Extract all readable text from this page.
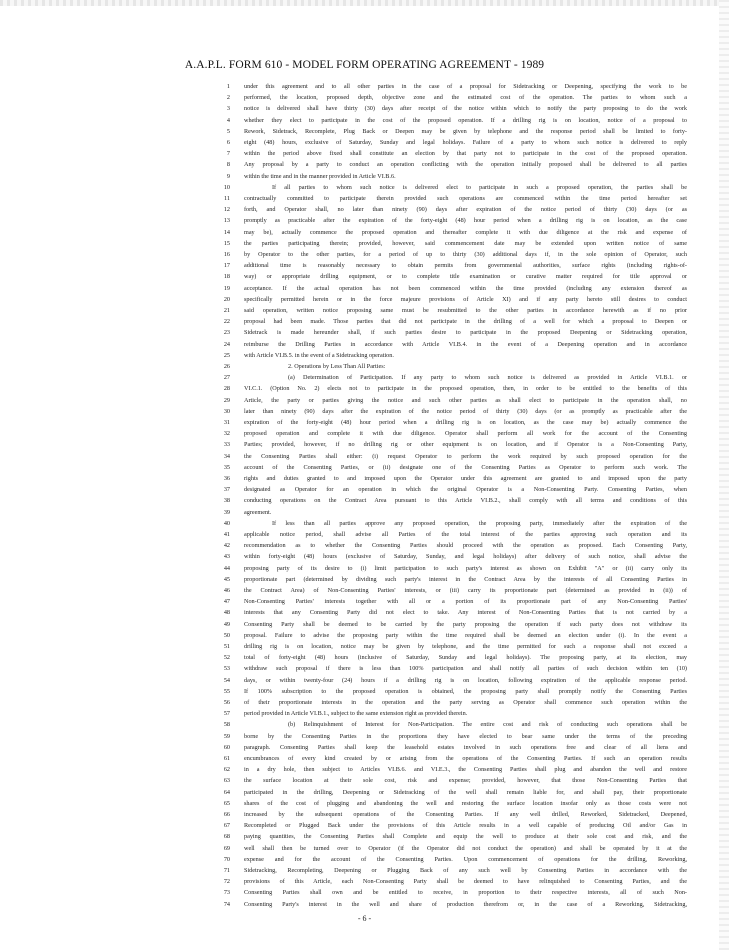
A.A.P.L. FORM 610 - MODEL FORM OPERATING AGREEMENT - 1989
1 under this agreement and to all other parties in the case of a proposal for Sidetracking or Deepening, specifying the work to be
2 performed, the location, proposed depth, objective zone and the estimated cost of the operation. The parties to whom such a
3 notice is delivered shall have thirty (30) days after receipt of the notice within which to notify the party proposing to do the work
4 whether they elect to participate in the cost of the proposed operation. If a drilling rig is on location, notice of a proposal to
5 Rework, Sidetrack, Recomplete, Plug Back or Deepen may be given by telephone and the response period shall be limited to forty-
6 eight (48) hours, exclusive of Saturday, Sunday and legal holidays. Failure of a party to whom such notice is delivered to reply
7 within the period above fixed shall constitute an election by that party not to participate in the cost of the proposed operation.
8 Any proposal by a party to conduct an operation conflicting with the operation initially proposed shall be delivered to all parties
9 within the time and in the manner provided in Article VI.B.6.
10	If all parties to whom such notice is delivered elect to participate in such a proposed operation, the parties shall be
11 contractually committed to participate therein provided such operations are commenced within the time period hereafter set
12 forth, and Operator shall, no later than ninety (90) days after expiration of the notice period of thirty (30) days (or as
13 promptly as practicable after the expiration of the forty-eight (48) hour period when a drilling rig is on location, as the case
14 may be), actually commence the proposed operation and thereafter complete it with due diligence at the risk and expense of
15 the parties participating therein; provided, however, said commencement date may be extended upon written notice of same
16 by Operator to the other parties, for a period of up to thirty (30) additional days if, in the sole opinion of Operator, such
17 additional time is reasonably necessary to obtain permits from governmental authorities, surface rights (including rights-of-
18 way) or appropriate drilling equipment, or to complete title examination or curative matter required for title approval or
19 acceptance. If the actual operation has not been commenced within the time provided (including any extension thereof as
20 specifically permitted herein or in the force majeure provisions of Article XI) and if any party hereto still desires to conduct
21 said operation, written notice proposing same must be resubmitted to the other parties in accordance herewith as if no prior
22 proposal had been made. Those parties that did not participate in the drilling of a well for which a proposal to Deepen or
23 Sidetrack is made hereunder shall, if such parties desire to participate in the proposed Deepening or Sidetracking operation,
24 reimburse the Drilling Parties in accordance with Article VI.B.4. in the event of a Deepening operation and in accordance
25 with Article VI.B.5. in the event of a Sidetracking operation.
26	2. Operations by Less Than All Parties:
27	(a) Determination of Participation. If any party to whom such notice is delivered as provided in Article VI.B.1. or
28 VI.C.1. (Option No. 2) elects not to participate in the proposed operation, then, in order to be entitled to the benefits of this
29 Article, the party or parties giving the notice and such other parties as shall elect to participate in the operation shall, no
30 later than ninety (90) days after the expiration of the notice period of thirty (30) days (or as promptly as practicable after the
31 expiration of the forty-eight (48) hour period when a drilling rig is on location, as the case may be) actually commence the
32 proposed operation and complete it with due diligence. Operator shall perform all work for the account of the Consenting
33 Parties; provided, however, if no drilling rig or other equipment is on location, and if Operator is a Non-Consenting Party,
34 the Consenting Parties shall either: (i) request Operator to perform the work required by such proposed operation for the
35 account of the Consenting Parties, or (ii) designate one of the Consenting Parties as Operator to perform such work. The
36 rights and duties granted to and imposed upon the Operator under this agreement are granted to and imposed upon the party
37 designated as Operator for an operation in which the original Operator is a Non-Consenting Party. Consenting Parties, when
38 conducting operations on the Contract Area pursuant to this Article VI.B.2., shall comply with all terms and conditions of this
39 agreement.
40	If less than all parties approve any proposed operation, the proposing party, immediately after the expiration of the
41 applicable notice period, shall advise all Parties of the total interest of the parties approving such operation and its
42 recommendation as to whether the Consenting Parties should proceed with the operation as proposed. Each Consenting Party,
43 within forty-eight (48) hours (exclusive of Saturday, Sunday, and legal holidays) after delivery of such notice, shall advise the
44 proposing party of its desire to (i) limit participation to such party's interest as shown on Exhibit "A" or (ii) carry only its
45 proportionate part (determined by dividing such party's interest in the Contract Area by the interests of all Consenting Parties in
46 the Contract Area) of Non-Consenting Parties' interests, or (iii) carry its proportionate part (determined as provided in (ii)) of
47 Non-Consenting Parties' interests together with all or a portion of its proportionate part of any Non-Consenting Parties'
48 interests that any Consenting Party did not elect to take. Any interest of Non-Consenting Parties that is not carried by a
49 Consenting Party shall be deemed to be carried by the party proposing the operation if such party does not withdraw its
50 proposal. Failure to advise the proposing party within the time required shall be deemed an election under (i). In the event a
51 drilling rig is on location, notice may be given by telephone, and the time permitted for such a response shall not exceed a
52 total of forty-eight (48) hours (inclusive of Saturday, Sunday and legal holidays). The proposing party, at its election, may
53 withdraw such proposal if there is less than 100% participation and shall notify all parties of such decision within ten (10)
54 days, or within twenty-four (24) hours if a drilling rig is on location, following expiration of the applicable response period.
55 If 100% subscription to the proposed operation is obtained, the proposing party shall promptly notify the Consenting Parties
56 of their proportionate interests in the operation and the party serving as Operator shall commence such operation within the
57 period provided in Article VI.B.1., subject to the same extension right as provided therein.
58	(b) Relinquishment of Interest for Non-Participation. The entire cost and risk of conducting such operations shall be
59 borne by the Consenting Parties in the proportions they have elected to bear same under the terms of the preceding
60 paragraph. Consenting Parties shall keep the leasehold estates involved in such operations free and clear of all liens and
61 encumbrances of every kind created by or arising from the operations of the Consenting Parties. If such an operation results
62 in a dry hole, then subject to Articles VI.B.6. and VI.E.3., the Consenting Parties shall plug and abandon the well and restore
63 the surface location at their sole cost, risk and expense; provided, however, that those Non-Consenting Parties that
64 participated in the drilling, Deepening or Sidetracking of the well shall remain liable for, and shall pay, their proportionate
65 shares of the cost of plugging and abandoning the well and restoring the surface location insofar only as those costs were not
66 increased by the subsequent operations of the Consenting Parties. If any well drilled, Reworked, Sidetracked, Deepened,
67 Recompleted or Plugged Back under the provisions of this Article results in a well capable of producing Oil and/or Gas in
68 paying quantities, the Consenting Parties shall Complete and equip the well to produce at their sole cost and risk, and the
69 well shall then be turned over to Operator (if the Operator did not conduct the operation) and shall be operated by it at the
70 expense and for the account of the Consenting Parties. Upon commencement of operations for the drilling, Reworking,
71 Sidetracking, Recompleting, Deepening or Plugging Back of any such well by Consenting Parties in accordance with the
72 provisions of this Article, each Non-Consenting Party shall be deemed to have relinquished to Consenting Parties, and the
73 Consenting Parties shall own and be entitled to receive, in proportion to their respective interests, all of such Non-
74 Consenting Party's interest in the well and share of production therefrom or, in the case of a Reworking, Sidetracking,
- 6 -
